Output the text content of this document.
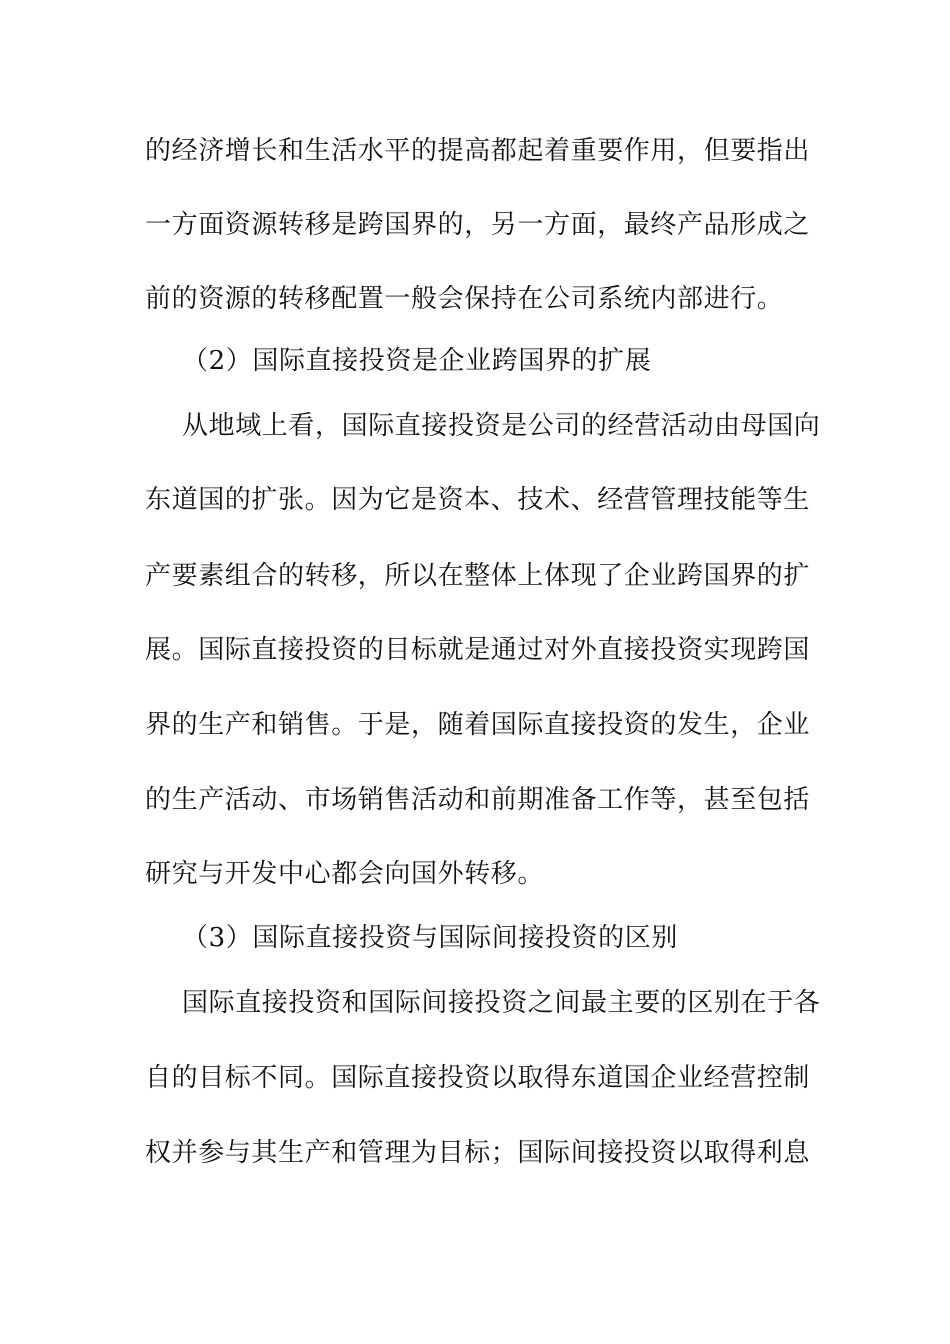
的经济增长和生活水平的提高都起着重要作用，但要指出
一方面资源转移是跨国界的，另一方面，最终产品形成之
前的资源的转移配置一般会保持在公司系统内部进行。
（2）国际直接投资是企业跨国界的扩展
从地域上看，国际直接投资是公司的经营活动由母国向
东道国的扩张。因为它是资本、技术、经营管理技能等生
产要素组合的转移，所以在整体上体现了企业跨国界的扩
展。国际直接投资的目标就是通过对外直接投资实现跨国
界的生产和销售。于是，随着国际直接投资的发生，企业
的生产活动、市场销售活动和前期准备工作等，甚至包括
研究与开发中心都会向国外转移。
（3）国际直接投资与国际间接投资的区别
国际直接投资和国际间接投资之间最主要的区别在于各
自的目标不同。国际直接投资以取得东道国企业经营控制
权并参与其生产和管理为目标；国际间接投资以取得利息
